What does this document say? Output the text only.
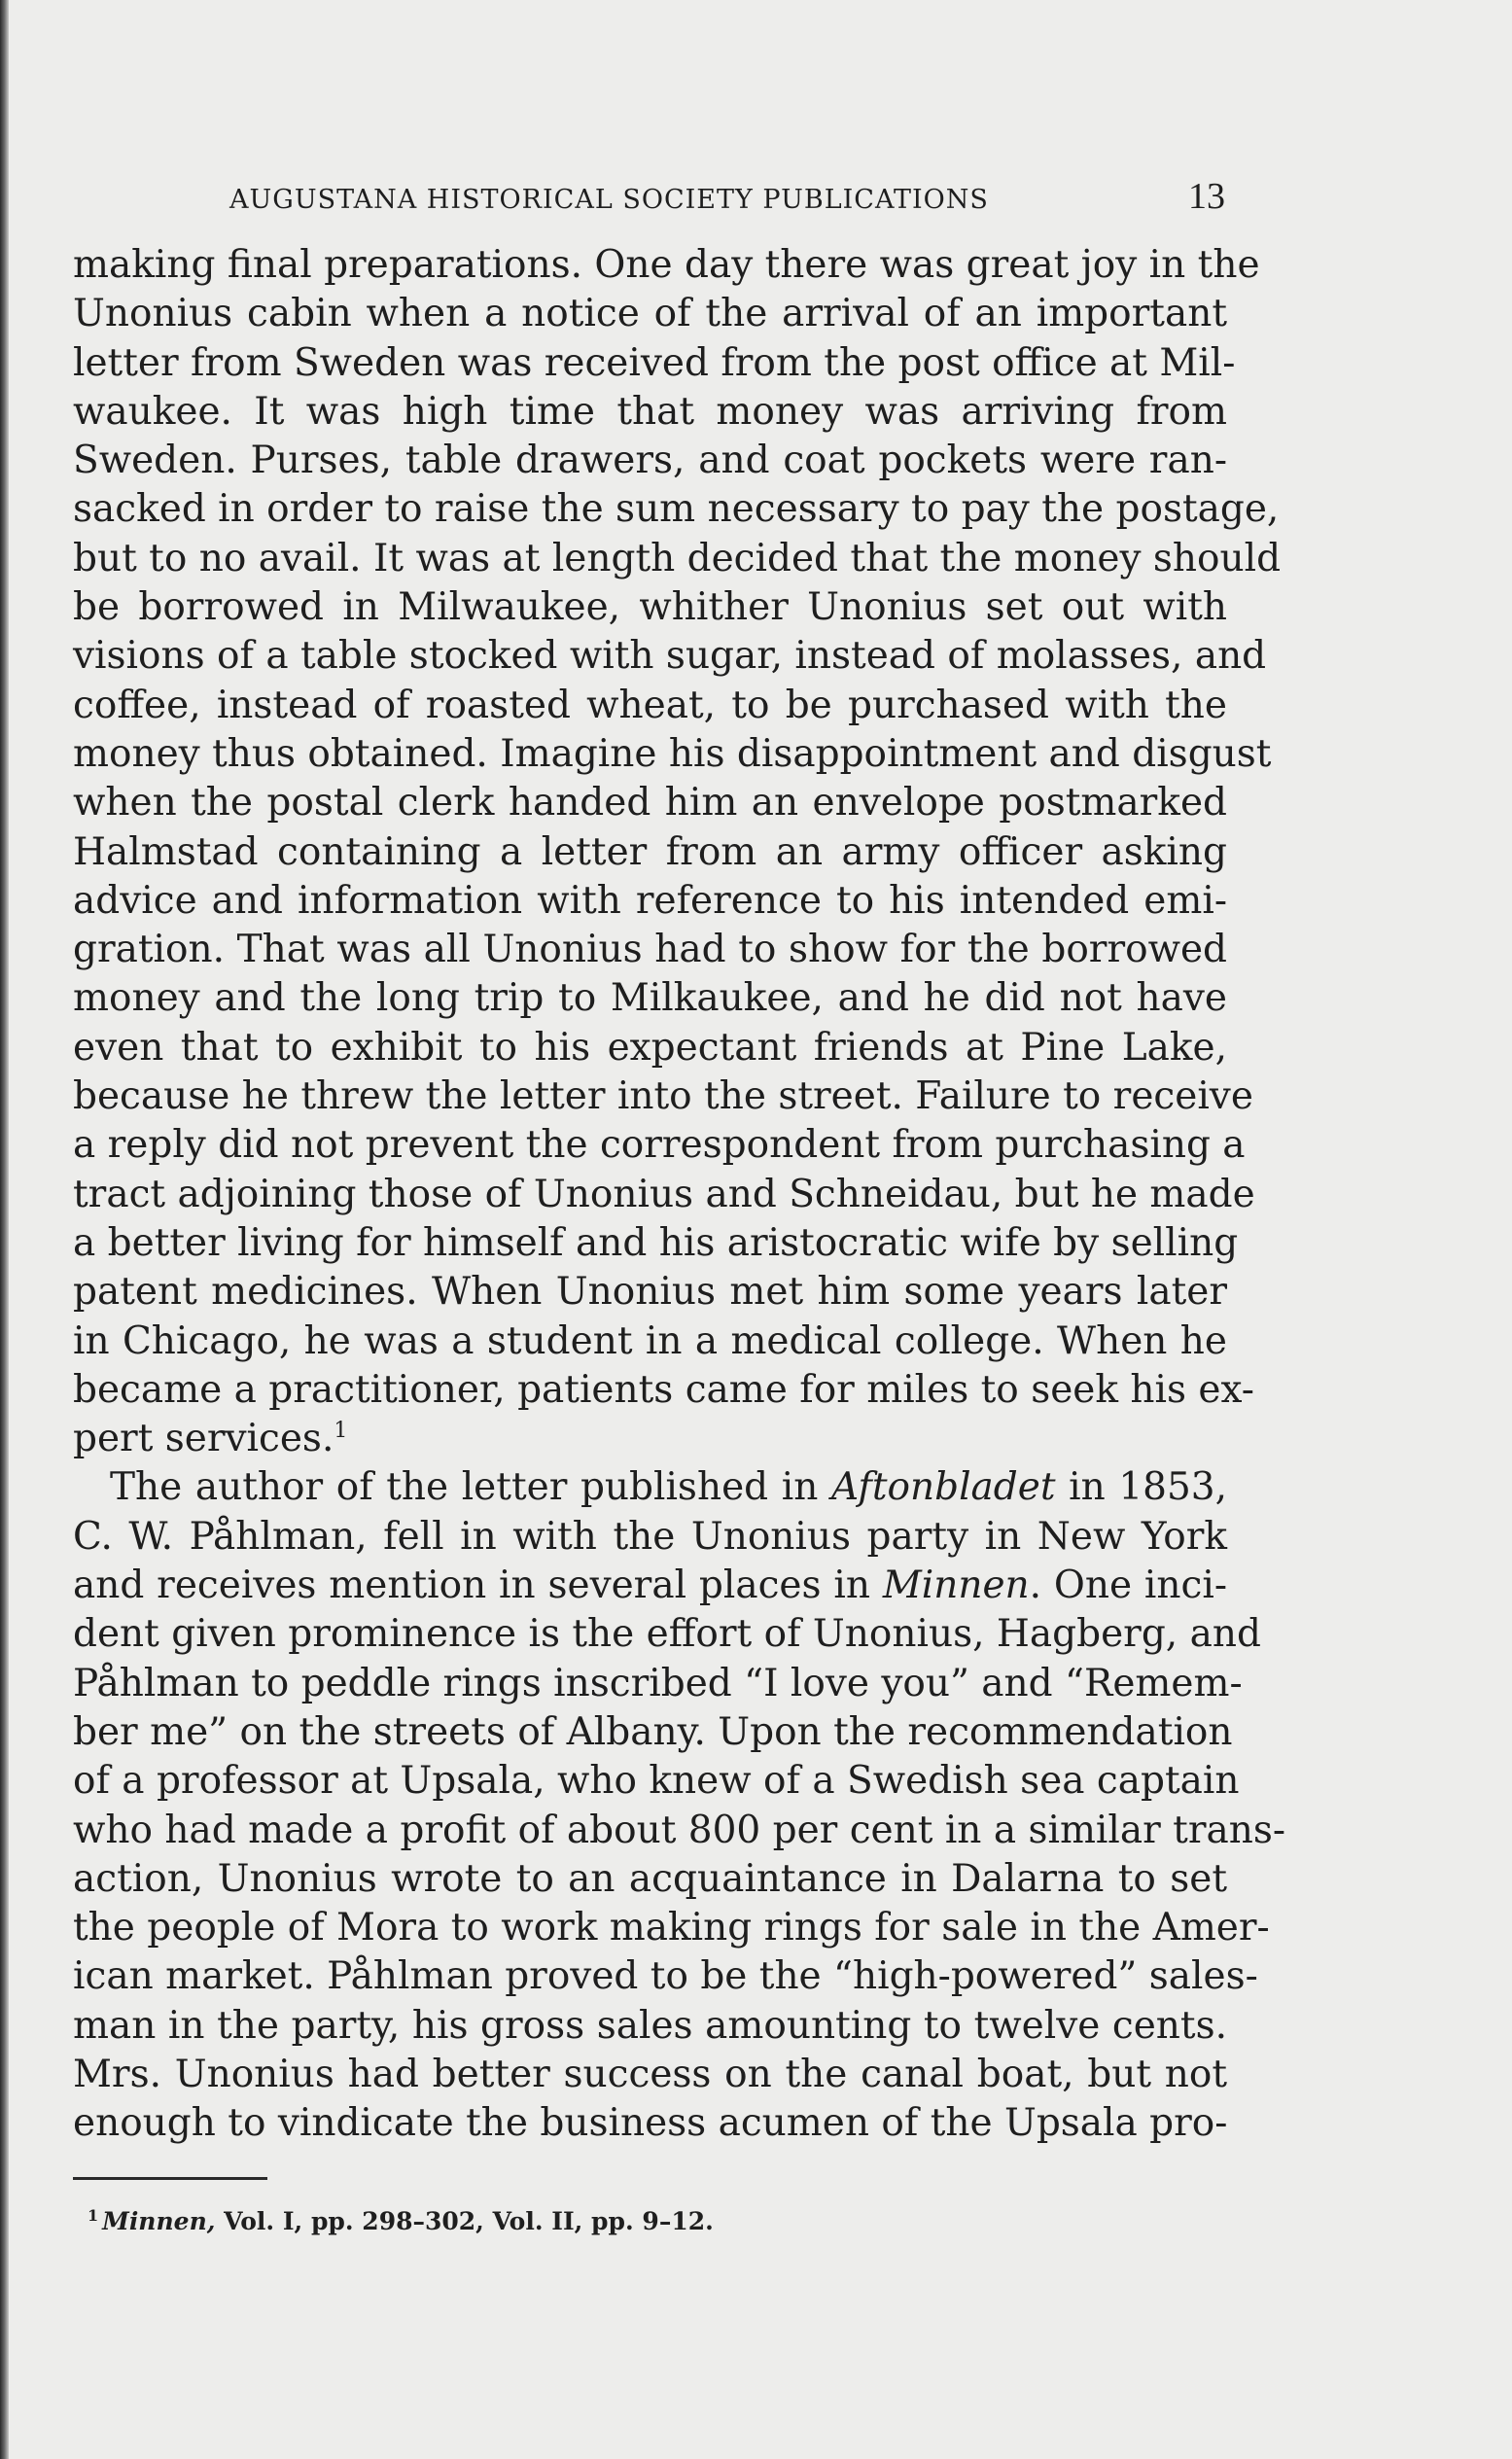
AUGUSTANA HISTORICAL SOCIETY PUBLICATIONS	13
making final preparations. One day there was great joy in the
Unonius cabin when a notice of the arrival of an important
letter from Sweden was received from the post office at Mil-
waukee. It was high time that money was arriving from
Sweden. Purses, table drawers, and coat pockets were ran-
sacked in order to raise the sum necessary to pay the postage,
but to no avail. It was at length decided that the money should
be borrowed in Milwaukee, whither Unonius set out with
visions of a table stocked with sugar, instead of molasses, and
coffee, instead of roasted wheat, to be purchased with the
money thus obtained. Imagine his disappointment and disgust
when the postal clerk handed him an envelope postmarked
Halmstad containing a letter from an army officer asking
advice and information with reference to his intended emi-
gration. That was all Unonius had to show for the borrowed
money and the long trip to Milkaukee, and he did not have
even that to exhibit to his expectant friends at Pine Lake,
because he threw the letter into the street. Failure to receive
a reply did not prevent the correspondent from purchasing a
tract adjoining those of Unonius and Schneidau, but he made
a better living for himself and his aristocratic wife by selling
patent medicines. When Unonius met him some years later
in Chicago, he was a student in a medical college. When he
became a practitioner, patients came for miles to seek his ex-
pert services.$^1$
The author of the letter published in Aftonbladet in 1853,
C. W. Påhlman, fell in with the Unonius party in New York
and receives mention in several places in Minnen. One inci-
dent given prominence is the effort of Unonius, Hagberg, and
Påhlman to peddle rings inscribed “I love you” and “Remem-
ber me” on the streets of Albany. Upon the recommendation
of a professor at Upsala, who knew of a Swedish sea captain
who had made a profit of about 800 per cent in a similar trans-
action, Unonius wrote to an acquaintance in Dalarna to set
the people of Mora to work making rings for sale in the Amer-
ican market. Påhlman proved to be the “high-powered” sales-
man in the party, his gross sales amounting to twelve cents.
Mrs. Unonius had better success on the canal boat, but not
enough to vindicate the business acumen of the Upsala pro-
$^1$ Minnen, Vol. I, pp. 298–302, Vol. II, pp. 9–12.
